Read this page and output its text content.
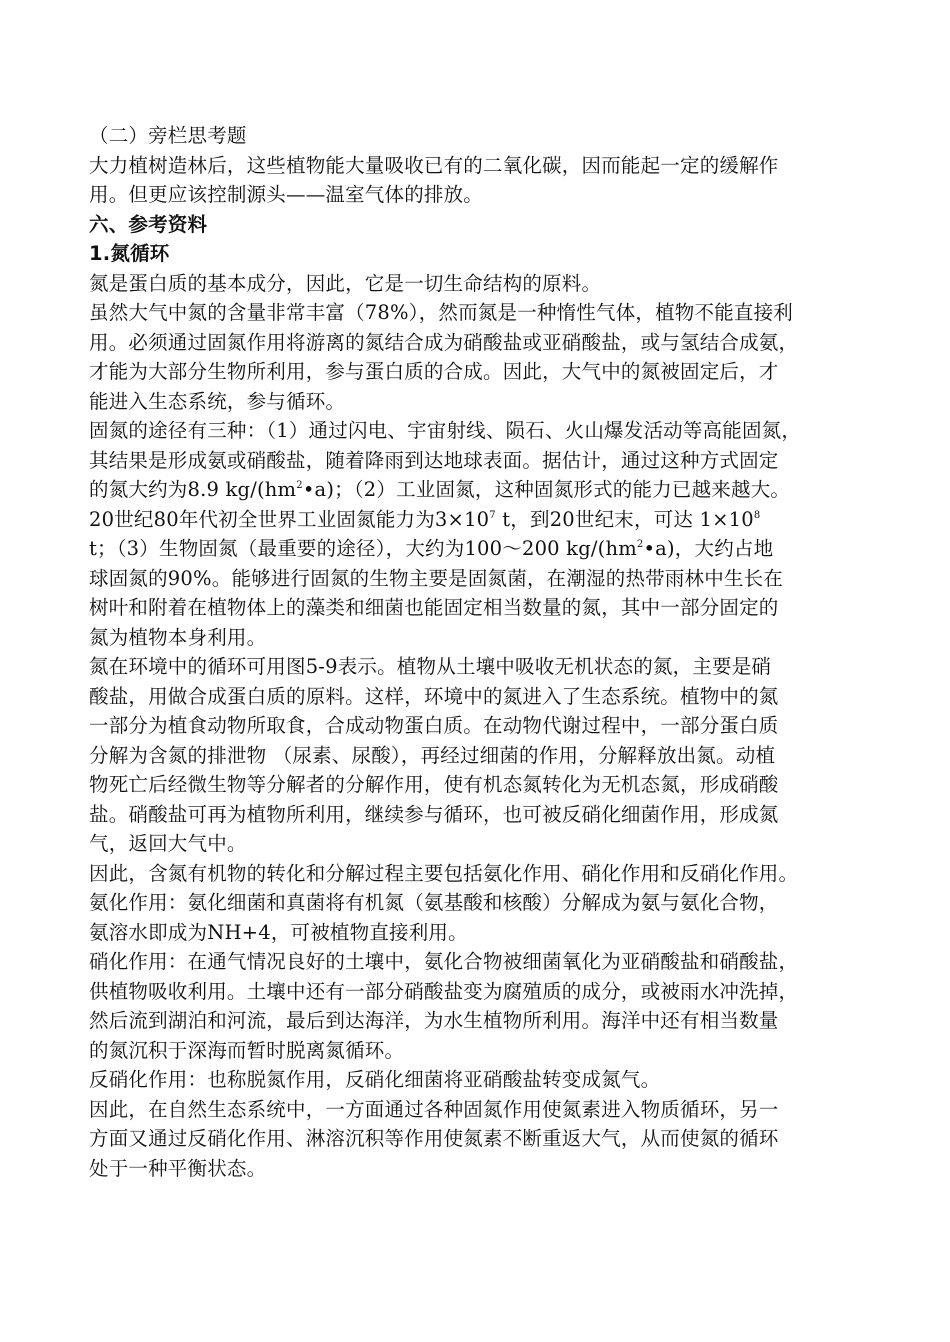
（二）旁栏思考题
大力植树造林后，这些植物能大量吸收已有的二氧化碳，因而能起一定的缓解作
用。但更应该控制源头——温室气体的排放。
六、参考资料
1.氮循环
氮是蛋白质的基本成分，因此，它是一切生命结构的原料。
虽然大气中氮的含量非常丰富（78%），然而氮是一种惰性气体，植物不能直接利
用。必须通过固氮作用将游离的氮结合成为硝酸盐或亚硝酸盐，或与氢结合成氨，
才能为大部分生物所利用，参与蛋白质的合成。因此，大气中的氮被固定后，才
能进入生态系统，参与循环。
固氮的途径有三种：（1）通过闪电、宇宙射线、陨石、火山爆发活动等高能固氮，
其结果是形成氨或硝酸盐，随着降雨到达地球表面。据估计，通过这种方式固定
的氮大约为8.9 $kg/(hm^2•a)$；（2）工业固氮，这种固氮形式的能力已越来越大。
20世纪80年代初全世界工业固氮能力为$3\times 10^7$ t，到20世纪末，可达 $1\times 10^8$
t；（3）生物固氮（最重要的途径），大约为100～200 $kg/(hm^2•a)$，大约占地
球固氮的90%。能够进行固氮的生物主要是固氮菌，在潮湿的热带雨林中生长在
树叶和附着在植物体上的藻类和细菌也能固定相当数量的氮，其中一部分固定的
氮为植物本身利用。
氮在环境中的循环可用图5-9表示。植物从土壤中吸收无机状态的氮，主要是硝
酸盐，用做合成蛋白质的原料。这样，环境中的氮进入了生态系统。植物中的氮
一部分为植食动物所取食，合成动物蛋白质。在动物代谢过程中，一部分蛋白质
分解为含氮的排泄物 （尿素、尿酸），再经过细菌的作用，分解释放出氮。动植
物死亡后经微生物等分解者的分解作用，使有机态氮转化为无机态氮，形成硝酸
盐。硝酸盐可再为植物所利用，继续参与循环，也可被反硝化细菌作用，形成氮
气，返回大气中。
因此，含氮有机物的转化和分解过程主要包括氨化作用、硝化作用和反硝化作用。
氨化作用：氨化细菌和真菌将有机氮（氨基酸和核酸）分解成为氨与氨化合物，
氨溶水即成为NH+4，可被植物直接利用。
硝化作用：在通气情况良好的土壤中，氨化合物被细菌氧化为亚硝酸盐和硝酸盐，
供植物吸收利用。土壤中还有一部分硝酸盐变为腐殖质的成分，或被雨水冲洗掉，
然后流到湖泊和河流，最后到达海洋，为水生植物所利用。海洋中还有相当数量
的氮沉积于深海而暂时脱离氮循环。
反硝化作用：也称脱氮作用，反硝化细菌将亚硝酸盐转变成氮气。
因此，在自然生态系统中，一方面通过各种固氮作用使氮素进入物质循环，另一
方面又通过反硝化作用、淋溶沉积等作用使氮素不断重返大气，从而使氮的循环
处于一种平衡状态。
